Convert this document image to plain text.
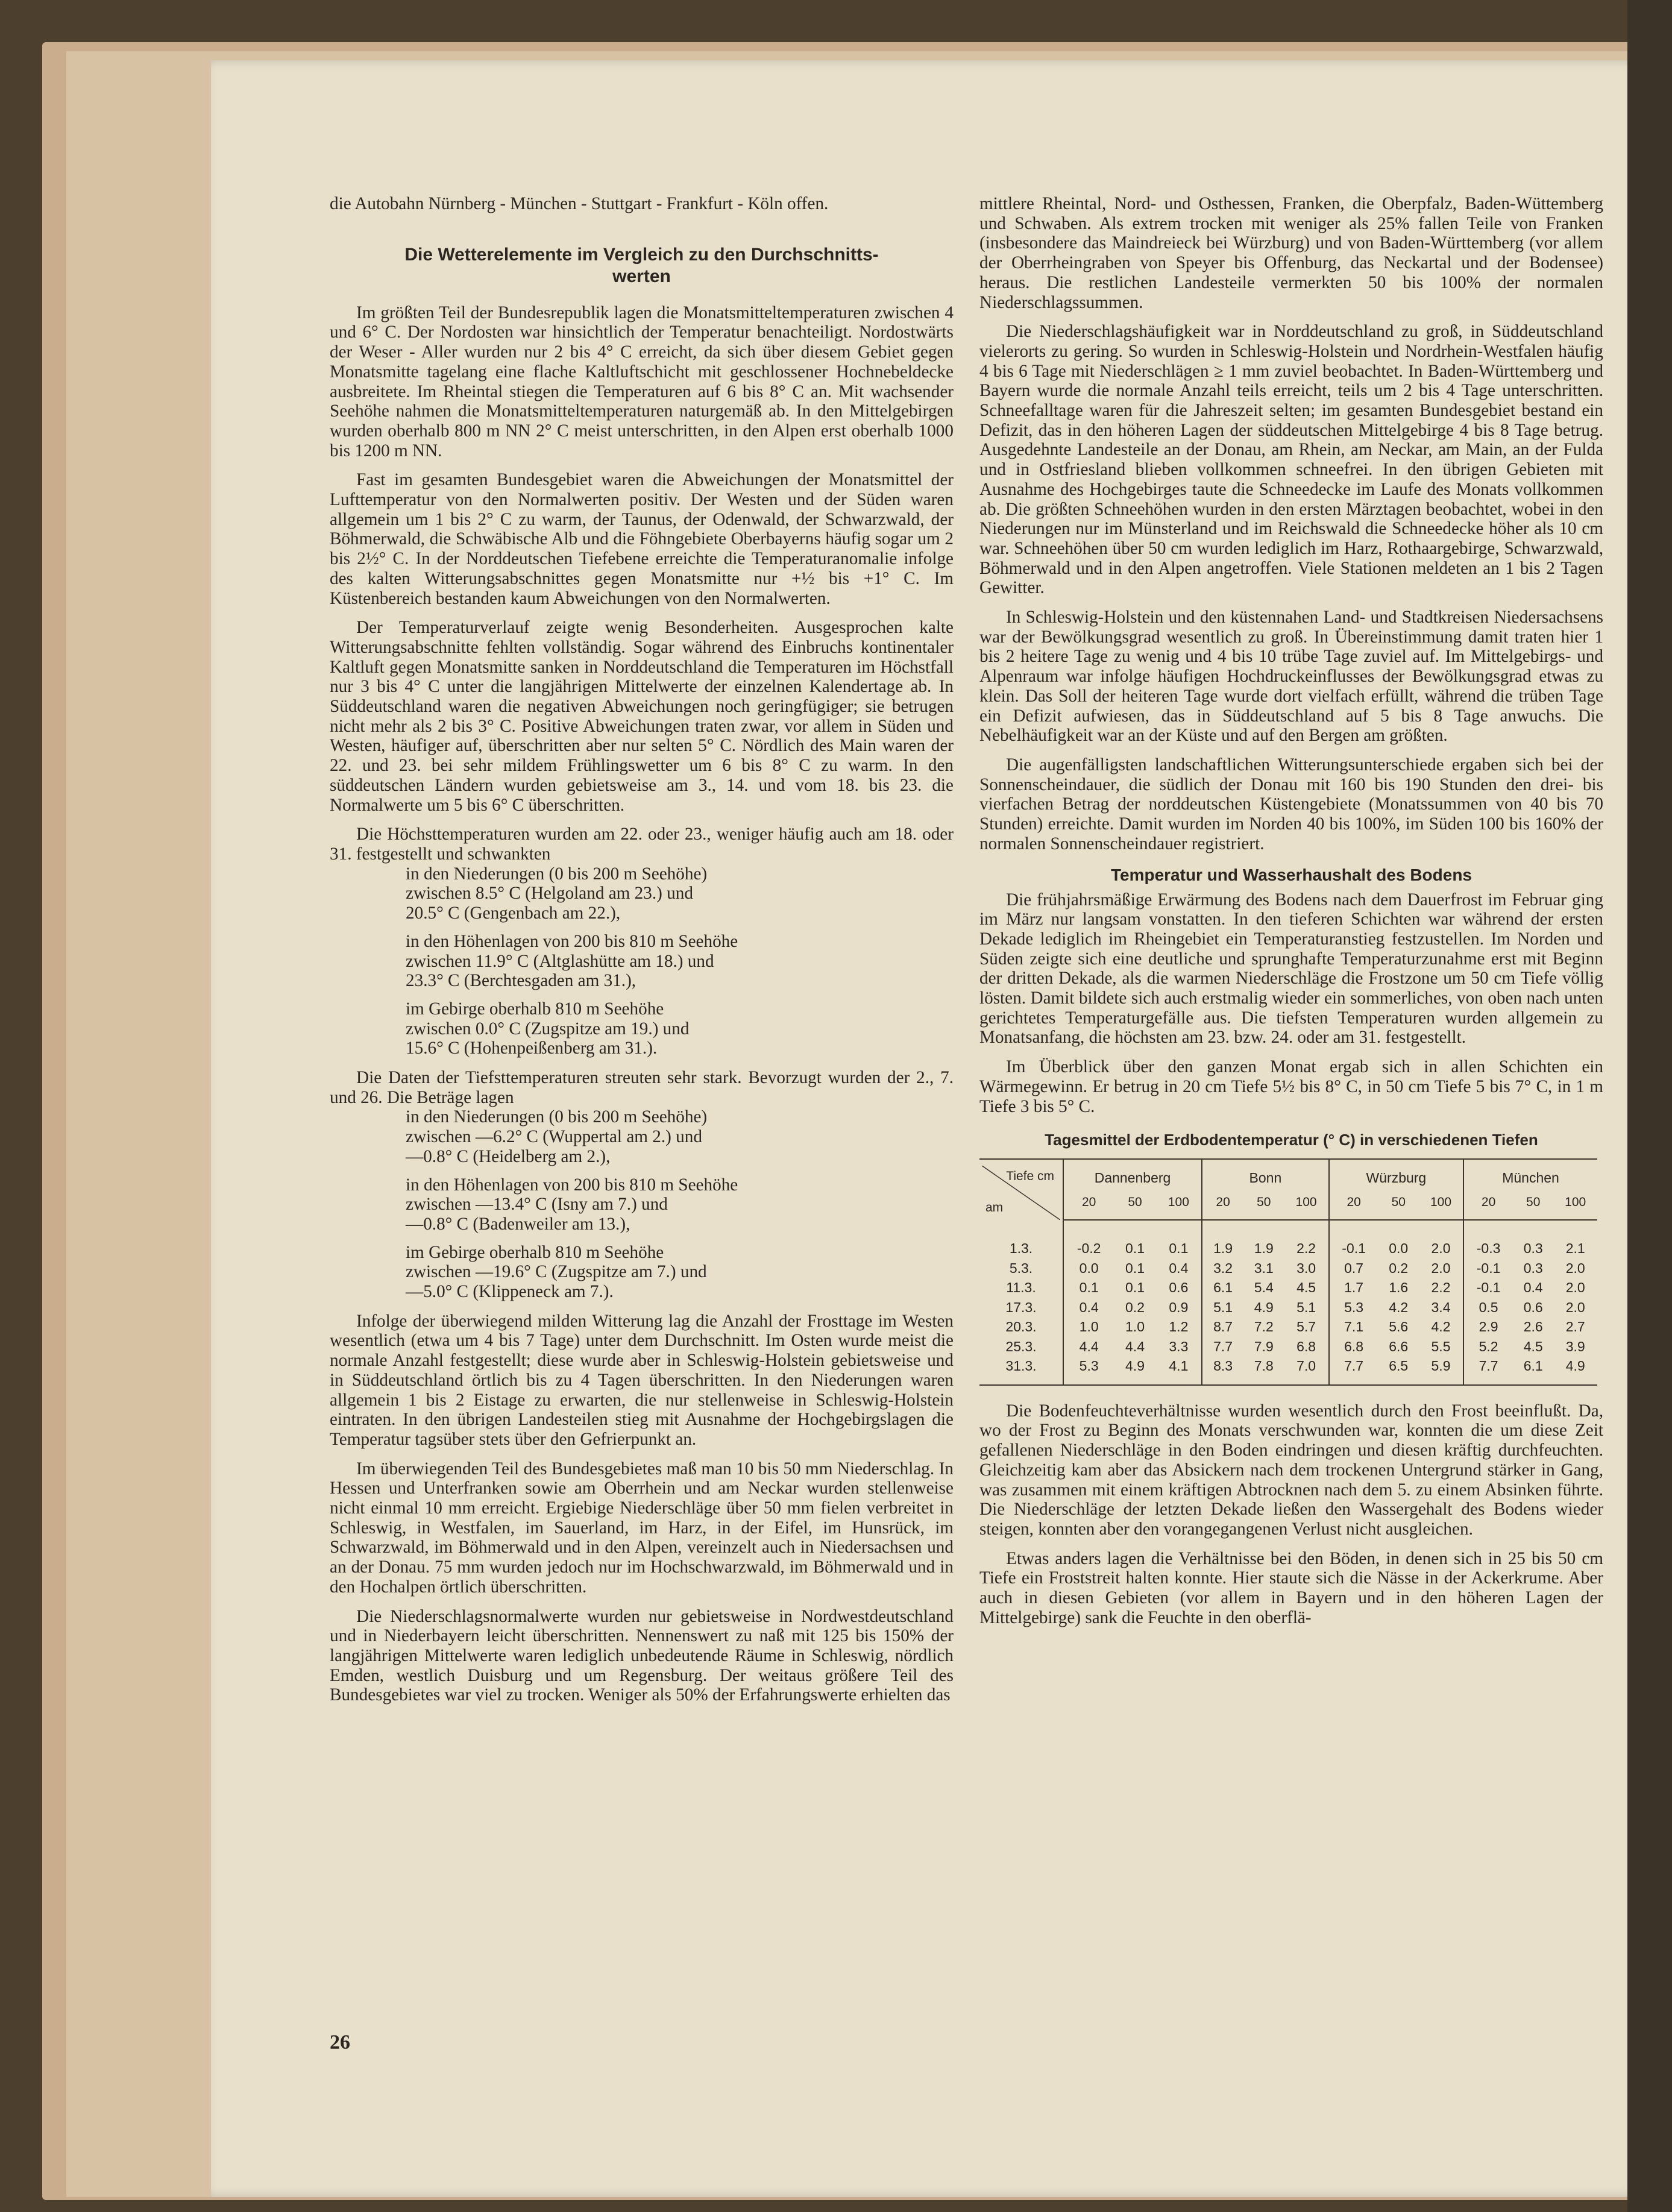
die Autobahn Nürnberg - München - Stuttgart - Frankfurt - Köln offen.

Die Wetterelemente im Vergleich zu den Durchschnitts-werten

Im größten Teil der Bundesrepublik lagen die Monatsmitteltemperaturen zwischen 4 und 6° C. Der Nordosten war hinsichtlich der Temperatur benachteiligt. Nordostwärts der Weser - Aller wurden nur 2 bis 4° C erreicht, da sich über diesem Gebiet gegen Monatsmitte tagelang eine flache Kaltluftschicht mit geschlossener Hochnebeldecke ausbreitete. Im Rheintal stiegen die Temperaturen auf 6 bis 8° C an. Mit wachsender Seehöhe nahmen die Monatsmitteltemperaturen naturgemäß ab. In den Mittelgebirgen wurden oberhalb 800 m NN 2° C meist unterschritten, in den Alpen erst oberhalb 1000 bis 1200 m NN.

Fast im gesamten Bundesgebiet waren die Abweichungen der Monatsmittel der Lufttemperatur von den Normalwerten positiv. Der Westen und der Süden waren allgemein um 1 bis 2° C zu warm, der Taunus, der Odenwald, der Schwarzwald, der Böhmerwald, die Schwäbische Alb und die Föhngebiete Oberbayerns häufig sogar um 2 bis 2½° C. In der Norddeutschen Tiefebene erreichte die Temperaturanomalie infolge des kalten Witterungsabschnittes gegen Monatsmitte nur +½ bis +1° C. Im Küstenbereich bestanden kaum Abweichungen von den Normalwerten.

Der Temperaturverlauf zeigte wenig Besonderheiten. Ausgesprochen kalte Witterungsabschnitte fehlten vollständig. Sogar während des Einbruchs kontinentaler Kaltluft gegen Monatsmitte sanken in Norddeutschland die Temperaturen im Höchstfall nur 3 bis 4° C unter die langjährigen Mittelwerte der einzelnen Kalendertage ab. In Süddeutschland waren die negativen Abweichungen noch geringfügiger; sie betrugen nicht mehr als 2 bis 3° C. Positive Abweichungen traten zwar, vor allem in Süden und Westen, häufiger auf, überschritten aber nur selten 5° C. Nördlich des Main waren der 22. und 23. bei sehr mildem Frühlingswetter um 6 bis 8° C zu warm. In den süddeutschen Ländern wurden gebietsweise am 3., 14. und vom 18. bis 23. die Normalwerte um 5 bis 6° C überschritten.

Die Höchsttemperaturen wurden am 22. oder 23., weniger häufig auch am 18. oder 31. festgestellt und schwankten

in den Niederungen (0 bis 200 m Seehöhe)

zwischen 8.5° C (Helgoland am 23.) und

20.5° C (Gengenbach am 22.),

in den Höhenlagen von 200 bis 810 m Seehöhe

zwischen 11.9° C (Altglashütte am 18.) und

23.3° C (Berchtesgaden am 31.),

im Gebirge oberhalb 810 m Seehöhe

zwischen 0.0° C (Zugspitze am 19.) und

15.6° C (Hohenpeißenberg am 31.).

Die Daten der Tiefsttemperaturen streuten sehr stark. Bevorzugt wurden der 2., 7. und 26. Die Beträge lagen

in den Niederungen (0 bis 200 m Seehöhe)

zwischen —6.2° C (Wuppertal am 2.) und

—0.8° C (Heidelberg am 2.),

in den Höhenlagen von 200 bis 810 m Seehöhe

zwischen —13.4° C (Isny am 7.) und

—0.8° C (Badenweiler am 13.),

im Gebirge oberhalb 810 m Seehöhe

zwischen —19.6° C (Zugspitze am 7.) und

—5.0° C (Klippeneck am 7.).

Infolge der überwiegend milden Witterung lag die Anzahl der Frosttage im Westen wesentlich (etwa um 4 bis 7 Tage) unter dem Durchschnitt. Im Osten wurde meist die normale Anzahl festgestellt; diese wurde aber in Schleswig-Holstein gebietsweise und in Süddeutschland örtlich bis zu 4 Tagen überschritten. In den Niederungen waren allgemein 1 bis 2 Eistage zu erwarten, die nur stellenweise in Schleswig-Holstein eintraten. In den übrigen Landesteilen stieg mit Ausnahme der Hochgebirgslagen die Temperatur tagsüber stets über den Gefrierpunkt an.

Im überwiegenden Teil des Bundesgebietes maß man 10 bis 50 mm Niederschlag. In Hessen und Unterfranken sowie am Oberrhein und am Neckar wurden stellenweise nicht einmal 10 mm erreicht. Ergiebige Niederschläge über 50 mm fielen verbreitet in Schleswig, in Westfalen, im Sauerland, im Harz, in der Eifel, im Hunsrück, im Schwarzwald, im Böhmerwald und in den Alpen, vereinzelt auch in Niedersachsen und an der Donau. 75 mm wurden jedoch nur im Hochschwarzwald, im Böhmerwald und in den Hochalpen örtlich überschritten.

Die Niederschlagsnormalwerte wurden nur gebietsweise in Nordwestdeutschland und in Niederbayern leicht überschritten. Nennenswert zu naß mit 125 bis 150% der langjährigen Mittelwerte waren lediglich unbedeutende Räume in Schleswig, nördlich Emden, westlich Duisburg und um Regensburg. Der weitaus größere Teil des Bundesgebietes war viel zu trocken. Weniger als 50% der Erfahrungswerte erhielten das

mittlere Rheintal, Nord- und Osthessen, Franken, die Oberpfalz, Baden-Wüttemberg und Schwaben. Als extrem trocken mit weniger als 25% fallen Teile von Franken (insbesondere das Maindreieck bei Würzburg) und von Baden-Württemberg (vor allem der Oberrheingraben von Speyer bis Offenburg, das Neckartal und der Bodensee) heraus. Die restlichen Landesteile vermerkten 50 bis 100% der normalen Niederschlagssummen.

Die Niederschlagshäufigkeit war in Norddeutschland zu groß, in Süddeutschland vielerorts zu gering. So wurden in Schleswig-Holstein und Nordrhein-Westfalen häufig 4 bis 6 Tage mit Niederschlägen ≥ 1 mm zuviel beobachtet. In Baden-Württemberg und Bayern wurde die normale Anzahl teils erreicht, teils um 2 bis 4 Tage unterschritten. Schneefalltage waren für die Jahreszeit selten; im gesamten Bundesgebiet bestand ein Defizit, das in den höheren Lagen der süddeutschen Mittelgebirge 4 bis 8 Tage betrug. Ausgedehnte Landesteile an der Donau, am Rhein, am Neckar, am Main, an der Fulda und in Ostfriesland blieben vollkommen schneefrei. In den übrigen Gebieten mit Ausnahme des Hochgebirges taute die Schneedecke im Laufe des Monats vollkommen ab. Die größten Schneehöhen wurden in den ersten Märztagen beobachtet, wobei in den Niederungen nur im Münsterland und im Reichswald die Schneedecke höher als 10 cm war. Schneehöhen über 50 cm wurden lediglich im Harz, Rothaargebirge, Schwarzwald, Böhmerwald und in den Alpen angetroffen. Viele Stationen meldeten an 1 bis 2 Tagen Gewitter.

In Schleswig-Holstein und den küstennahen Land- und Stadtkreisen Niedersachsens war der Bewölkungsgrad wesentlich zu groß. In Übereinstimmung damit traten hier 1 bis 2 heitere Tage zu wenig und 4 bis 10 trübe Tage zuviel auf. Im Mittelgebirgs- und Alpenraum war infolge häufigen Hochdruckeinflusses der Bewölkungsgrad etwas zu klein. Das Soll der heiteren Tage wurde dort vielfach erfüllt, während die trüben Tage ein Defizit aufwiesen, das in Süddeutschland auf 5 bis 8 Tage anwuchs. Die Nebelhäufigkeit war an der Küste und auf den Bergen am größten.

Die augenfälligsten landschaftlichen Witterungsunterschiede ergaben sich bei der Sonnenscheindauer, die südlich der Donau mit 160 bis 190 Stunden den drei- bis vierfachen Betrag der norddeutschen Küstengebiete (Monatssummen von 40 bis 70 Stunden) erreichte. Damit wurden im Norden 40 bis 100%, im Süden 100 bis 160% der normalen Sonnenscheindauer registriert.

Temperatur und Wasserhaushalt des Bodens

Die frühjahrsmäßige Erwärmung des Bodens nach dem Dauerfrost im Februar ging im März nur langsam vonstatten. In den tieferen Schichten war während der ersten Dekade lediglich im Rheingebiet ein Temperaturanstieg festzustellen. Im Norden und Süden zeigte sich eine deutliche und sprunghafte Temperaturzunahme erst mit Beginn der dritten Dekade, als die warmen Niederschläge die Frostzone um 50 cm Tiefe völlig lösten. Damit bildete sich auch erstmalig wieder ein sommerliches, von oben nach unten gerichtetes Temperaturgefälle aus. Die tiefsten Temperaturen wurden allgemein zu Monatsanfang, die höchsten am 23. bzw. 24. oder am 31. festgestellt.

Im Überblick über den ganzen Monat ergab sich in allen Schichten ein Wärmegewinn. Er betrug in 20 cm Tiefe 5½ bis 8° C, in 50 cm Tiefe 5 bis 7° C, in 1 m Tiefe 3 bis 5° C.

Tagesmittel der Erdbodentemperatur (° C) in verschiedenen Tiefen
Tiefe cm
am	Dannenberg			Bonn			Würzburg			München		
	20	50	100	20	50	100	20	50	100	20	50	100
1.3.	-0.2	0.1	0.1	1.9	1.9	2.2	-0.1	0.0	2.0	-0.3	0.3	2.1
5.3.	0.0	0.1	0.4	3.2	3.1	3.0	0.7	0.2	2.0	-0.1	0.3	2.0
11.3.	0.1	0.1	0.6	6.1	5.4	4.5	1.7	1.6	2.2	-0.1	0.4	2.0
17.3.	0.4	0.2	0.9	5.1	4.9	5.1	5.3	4.2	3.4	0.5	0.6	2.0
20.3.	1.0	1.0	1.2	8.7	7.2	5.7	7.1	5.6	4.2	2.9	2.6	2.7
25.3.	4.4	4.4	3.3	7.7	7.9	6.8	6.8	6.6	5.5	5.2	4.5	3.9
31.3.	5.3	4.9	4.1	8.3	7.8	7.0	7.7	6.5	5.9	7.7	6.1	4.9

Die Bodenfeuchteverhältnisse wurden wesentlich durch den Frost beeinflußt. Da, wo der Frost zu Beginn des Monats verschwunden war, konnten die um diese Zeit gefallenen Niederschläge in den Boden eindringen und diesen kräftig durchfeuchten. Gleichzeitig kam aber das Absickern nach dem trockenen Untergrund stärker in Gang, was zusammen mit einem kräftigen Abtrocknen nach dem 5. zu einem Absinken führte. Die Niederschläge der letzten Dekade ließen den Wassergehalt des Bodens wieder steigen, konnten aber den vorangegangenen Verlust nicht ausgleichen.

Etwas anders lagen die Verhältnisse bei den Böden, in denen sich in 25 bis 50 cm Tiefe ein Froststreit halten konnte. Hier staute sich die Nässe in der Ackerkrume. Aber auch in diesen Gebieten (vor allem in Bayern und in den höheren Lagen der Mittelgebirge) sank die Feuchte in den oberflä-

26
